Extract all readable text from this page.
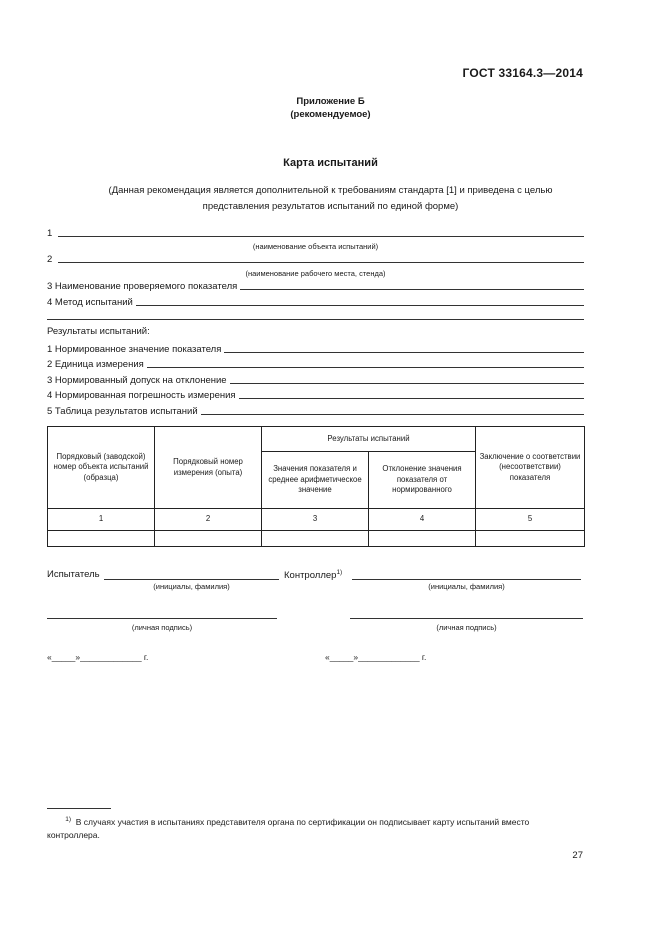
ГОСТ 33164.3—2014
Приложение Б
(рекомендуемое)
Карта испытаний
(Данная рекомендация является дополнительной к требованиям стандарта [1] и приведена с целью
представления результатов испытаний по единой форме)
1
(наименование объекта испытаний)
2
(наименование рабочего места, стенда)
3 Наименование проверяемого показателя
4 Метод испытаний
Результаты испытаний:
1 Нормированное значение показателя
2 Единица измерения
3 Нормированный допуск на отклонение
4 Нормированная погрешность измерения
5 Таблица результатов испытаний
Порядковый (заводской) номер объекта испытаний (образца)	Порядковый номер измерения (опыта)	Результаты испытаний		Заключение о соответствии (несоответствии) показателя
		Значения показателя и среднее арифметическое значение	Отклонение значения показателя от нормированного	
1	2	3	4	5

Испытатель	Контроллер$^{1)}$
(инициалы, фамилия)	(инициалы, фамилия)
(личная подпись)	(личная подпись)
«_____»_____________ г.	«_____»_____________ г.
$^{1)}$ В случаях участия в испытаниях представителя органа по сертификации он подписывает карту испытаний вместо контроллера.
27
